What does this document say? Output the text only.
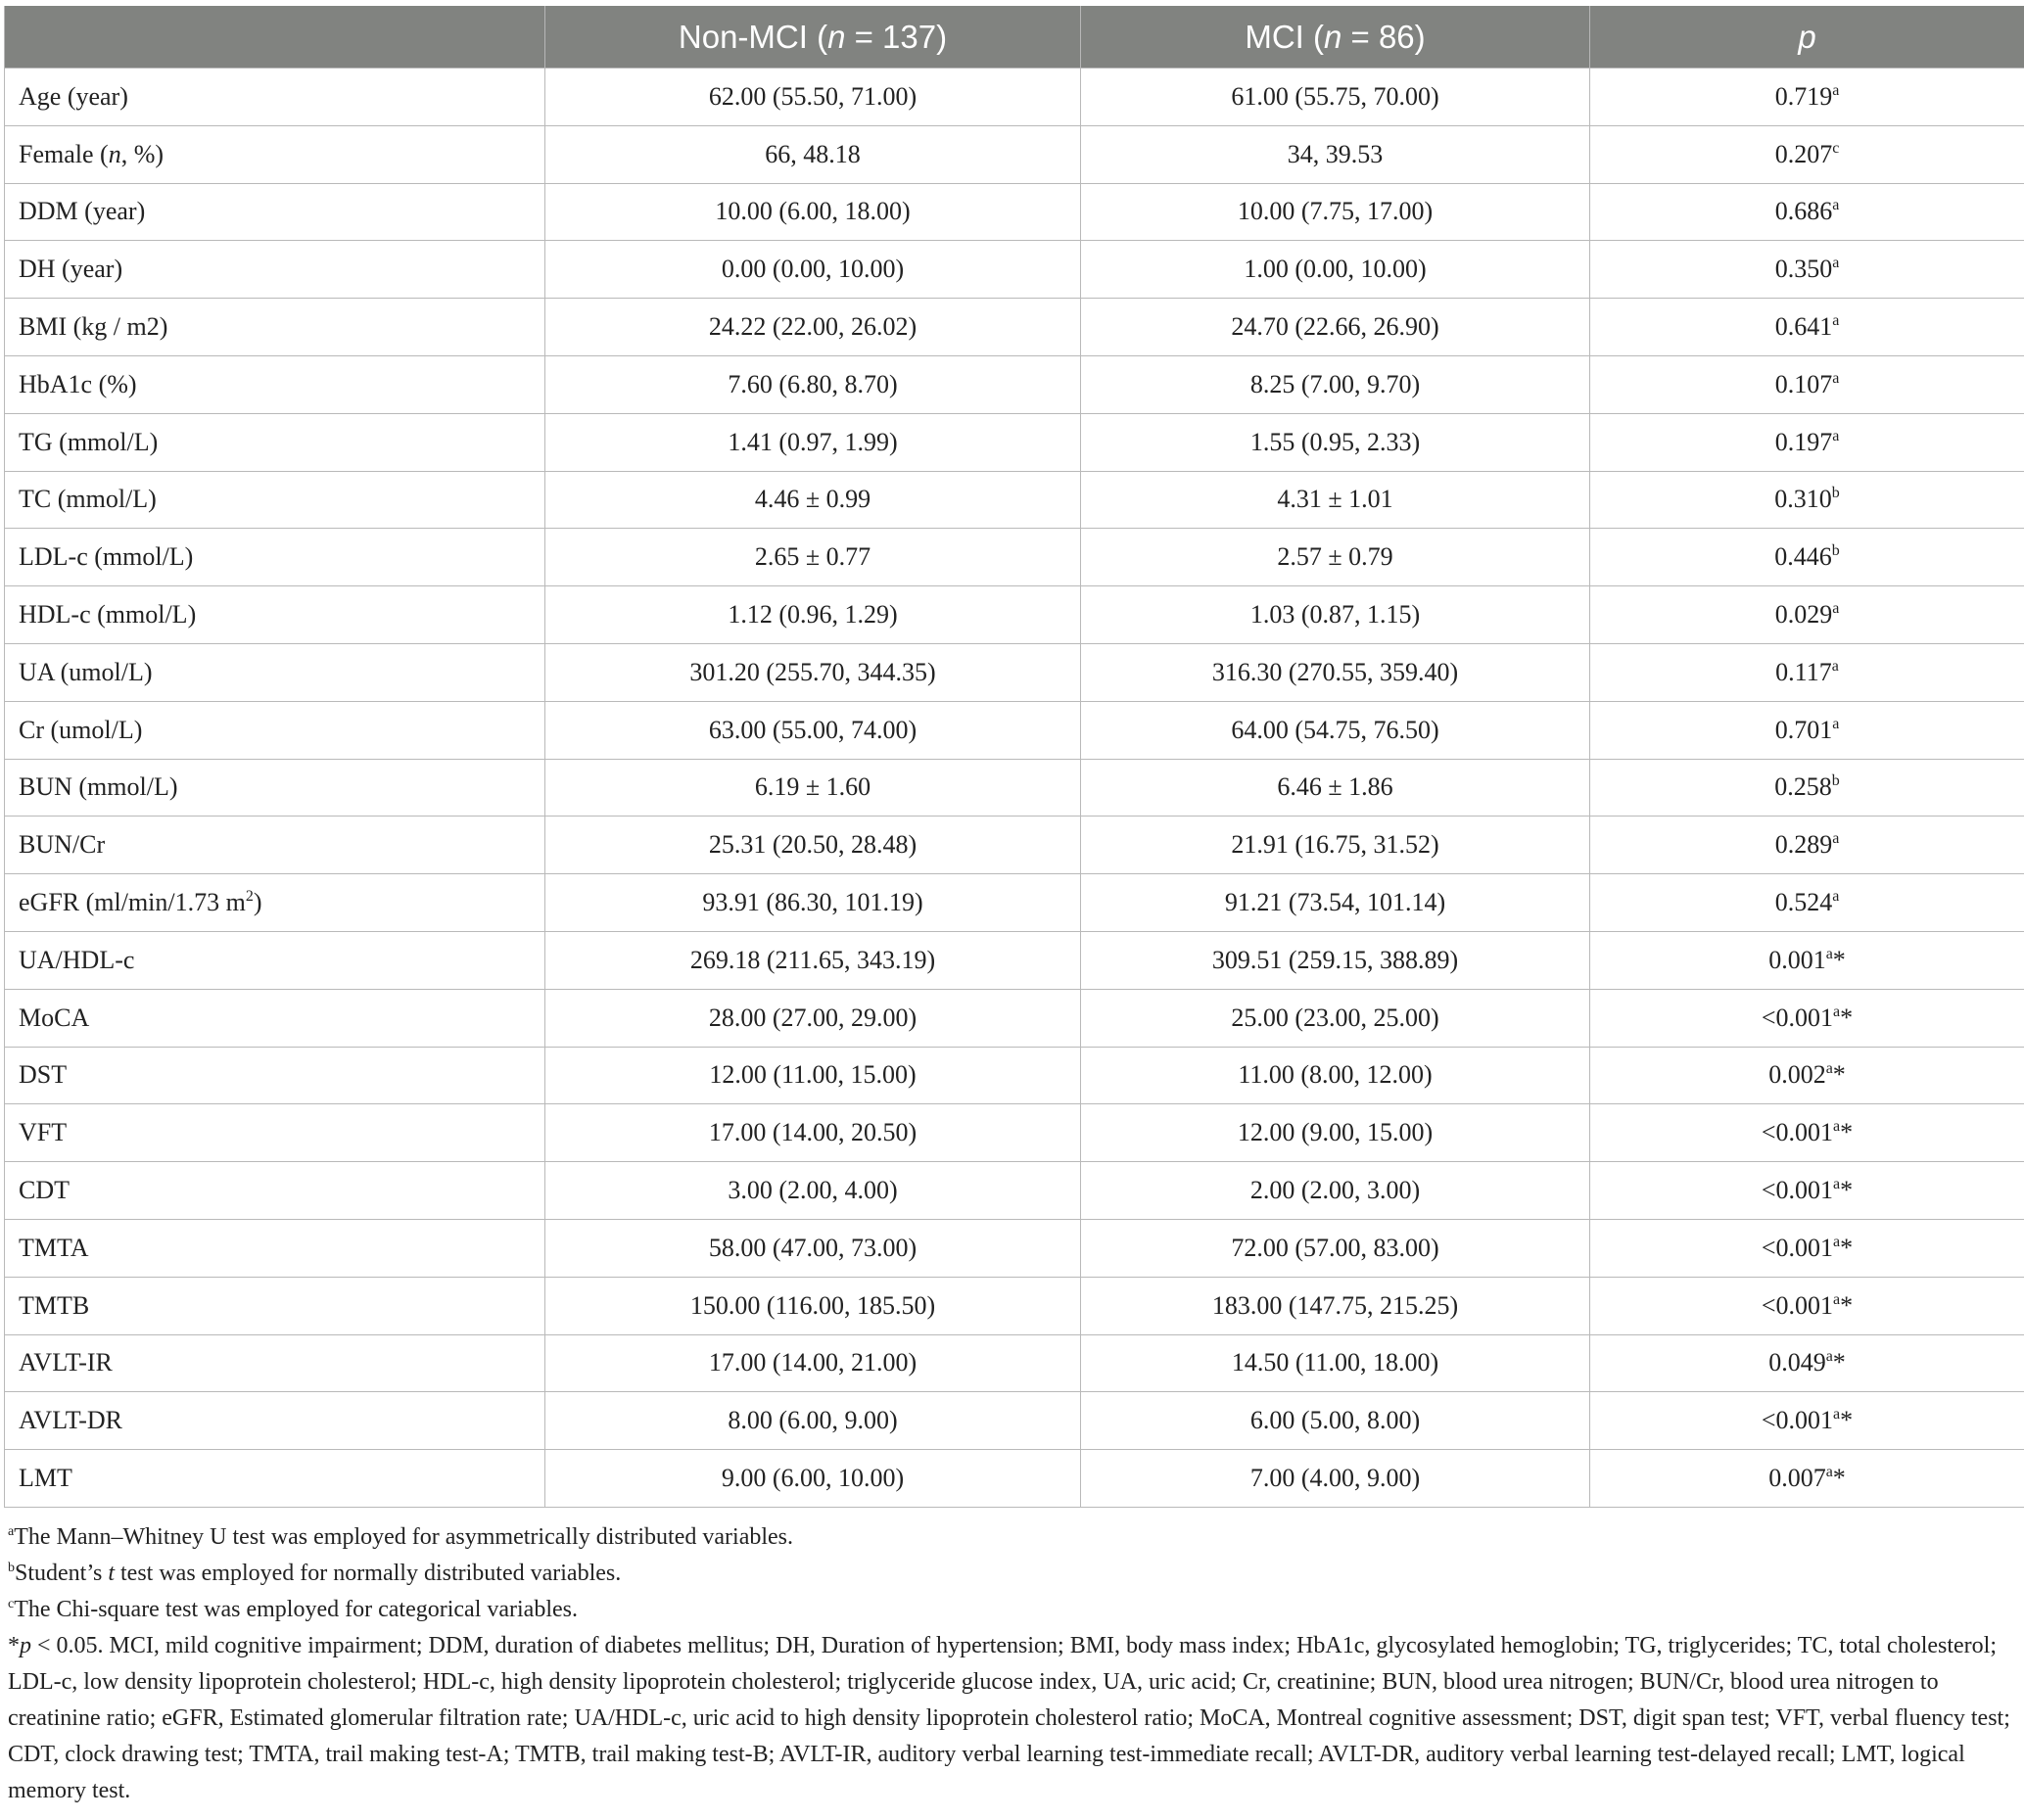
	Non-MCI (n = 137)	MCI (n = 86)	p
Age (year)	62.00 (55.50, 71.00)	61.00 (55.75, 70.00)	0.719$^a$
Female (n, %)	66, 48.18	34, 39.53	0.207$^c$
DDM (year)	10.00 (6.00, 18.00)	10.00 (7.75, 17.00)	0.686$^a$
DH (year)	0.00 (0.00, 10.00)	1.00 (0.00, 10.00)	0.350$^a$
BMI (kg / m2)	24.22 (22.00, 26.02)	24.70 (22.66, 26.90)	0.641$^a$
HbA1c (%)	7.60 (6.80, 8.70)	8.25 (7.00, 9.70)	0.107$^a$
TG (mmol/L)	1.41 (0.97, 1.99)	1.55 (0.95, 2.33)	0.197$^a$
TC (mmol/L)	4.46 ± 0.99	4.31 ± 1.01	0.310$^b$
LDL-c (mmol/L)	2.65 ± 0.77	2.57 ± 0.79	0.446$^b$
HDL-c (mmol/L)	1.12 (0.96, 1.29)	1.03 (0.87, 1.15)	0.029$^a$
UA (umol/L)	301.20 (255.70, 344.35)	316.30 (270.55, 359.40)	0.117$^a$
Cr (umol/L)	63.00 (55.00, 74.00)	64.00 (54.75, 76.50)	0.701$^a$
BUN (mmol/L)	6.19 ± 1.60	6.46 ± 1.86	0.258$^b$
BUN/Cr	25.31 (20.50, 28.48)	21.91 (16.75, 31.52)	0.289$^a$
eGFR (ml/min/1.73 $m^2$)	93.91 (86.30, 101.19)	91.21 (73.54, 101.14)	0.524$^a$
UA/HDL-c	269.18 (211.65, 343.19)	309.51 (259.15, 388.89)	0.001$^a$*
MoCA	28.00 (27.00, 29.00)	25.00 (23.00, 25.00)	<0.001$^a$*
DST	12.00 (11.00, 15.00)	11.00 (8.00, 12.00)	0.002$^a$*
VFT	17.00 (14.00, 20.50)	12.00 (9.00, 15.00)	<0.001$^a$*
CDT	3.00 (2.00, 4.00)	2.00 (2.00, 3.00)	<0.001$^a$*
TMTA	58.00 (47.00, 73.00)	72.00 (57.00, 83.00)	<0.001$^a$*
TMTB	150.00 (116.00, 185.50)	183.00 (147.75, 215.25)	<0.001$^a$*
AVLT-IR	17.00 (14.00, 21.00)	14.50 (11.00, 18.00)	0.049$^a$*
AVLT-DR	8.00 (6.00, 9.00)	6.00 (5.00, 8.00)	<0.001$^a$*
LMT	9.00 (6.00, 10.00)	7.00 (4.00, 9.00)	0.007$^a$*
$^a$The Mann–Whitney U test was employed for asymmetrically distributed variables.
$^b$Student’s t test was employed for normally distributed variables.
$^c$The Chi-square test was employed for categorical variables.
*p < 0.05. MCI, mild cognitive impairment; DDM, duration of diabetes mellitus; DH, Duration of hypertension; BMI, body mass index; HbA1c, glycosylated hemoglobin; TG, triglycerides; TC, total cholesterol; LDL-c, low density lipoprotein cholesterol; HDL-c, high density lipoprotein cholesterol; triglyceride glucose index, UA, uric acid; Cr, creatinine; BUN, blood urea nitrogen; BUN/Cr, blood urea nitrogen to creatinine ratio; eGFR, Estimated glomerular filtration rate; UA/HDL-c, uric acid to high density lipoprotein cholesterol ratio; MoCA, Montreal cognitive assessment; DST, digit span test; VFT, verbal fluency test; CDT, clock drawing test; TMTA, trail making test-A; TMTB, trail making test-B; AVLT-IR, auditory verbal learning test-immediate recall; AVLT-DR, auditory verbal learning test-delayed recall; LMT, logical memory test.
